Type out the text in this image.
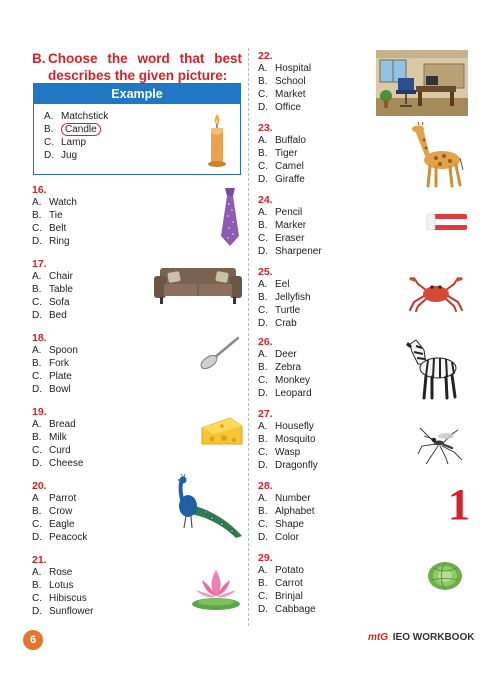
B. Choose the word that best describes the given picture:
Example
A. Matchstick
B. Candle
C. Lamp
D. Jug
16.
A. Watch
B. Tie
C. Belt
D. Ring
17.
A. Chair
B. Table
C. Sofa
D. Bed
18.
A. Spoon
B. Fork
C. Plate
D. Bowl
19.
A. Bread
B. Milk
C. Curd
D. Cheese
20.
A Parrot
B. Crow
C. Eagle
D. Peacock
21.
A. Rose
B. Lotus
C. Hibiscus
D. Sunflower
22.
A. Hospital
B. School
C. Market
D. Office
23.
A. Buffalo
B. Tiger
C. Camel
D. Giraffe
24.
A. Pencil
B. Marker
C. Eraser
D. Sharpener
25.
A. Eel
B. Jellyfish
C. Turtle
D. Crab
26.
A. Deer
B. Zebra
C. Monkey
D. Leopard
27.
A. Housefly
B. Mosquito
C. Wasp
D. Dragonfly
28.
A. Number
B. Alphabet
C. Shape
D. Color
1
29.
A. Potato
B. Carrot
C. Brinjal
D. Cabbage
6	mtG IEO WORKBOOK
